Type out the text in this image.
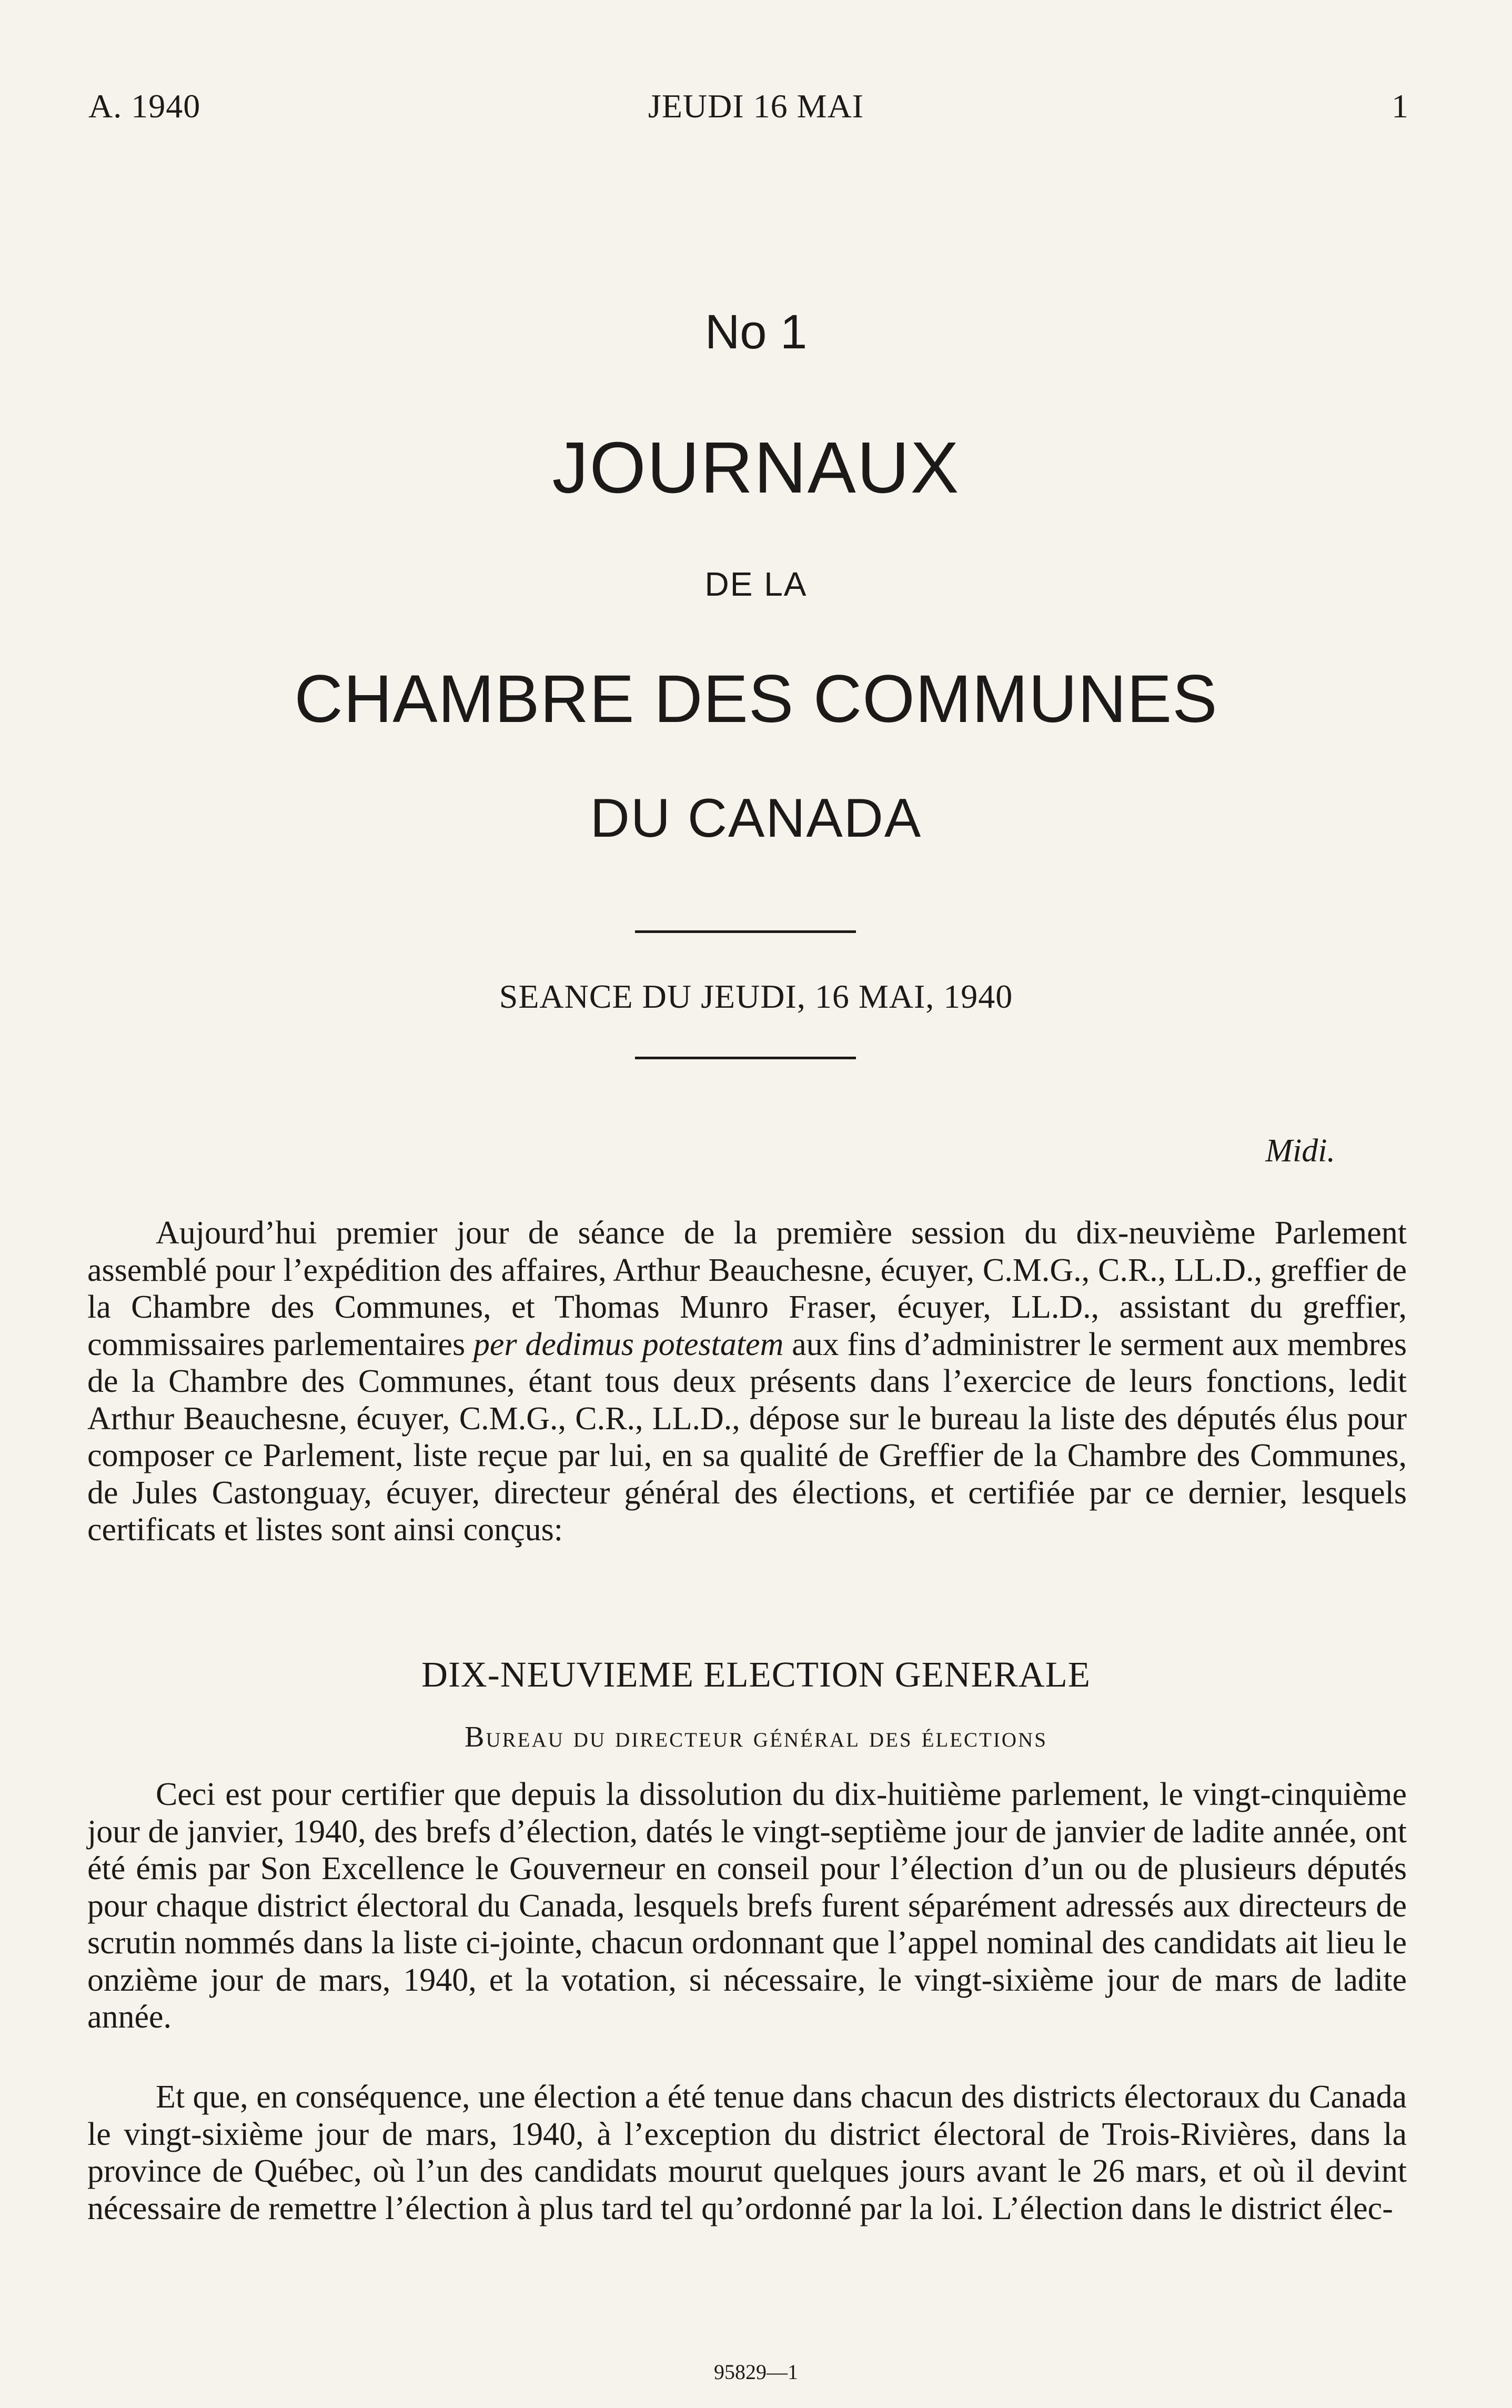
A. 1940	JEUDI 16 MAI	1
No 1
JOURNAUX
DE LA
CHAMBRE DES COMMUNES
DU CANADA
SEANCE DU JEUDI, 16 MAI, 1940
Midi.

Aujourd’hui premier jour de séance de la première session du dix-neuvième Parlement assemblé pour l’expédition des affaires, Arthur Beauchesne, écuyer, C.M.G., C.R., LL.D., greffier de la Chambre des Communes, et Thomas Munro Fraser, écuyer, LL.D., assistant du greffier, commissaires parlementaires per dedimus potestatem aux fins d’administrer le serment aux membres de la Chambre des Communes, étant tous deux présents dans l’exercice de leurs fonctions, ledit Arthur Beauchesne, écuyer, C.M.G., C.R., LL.D., dépose sur le bureau la liste des députés élus pour composer ce Parlement, liste reçue par lui, en sa qualité de Greffier de la Chambre des Communes, de Jules Castonguay, écuyer, directeur général des élections, et certifiée par ce dernier, lesquels certificats et listes sont ainsi conçus:

DIX-NEUVIEME ELECTION GENERALE
Bureau du directeur général des élections

Ceci est pour certifier que depuis la dissolution du dix-huitième parlement, le vingt-cinquième jour de janvier, 1940, des brefs d’élection, datés le vingt-septième jour de janvier de ladite année, ont été émis par Son Excellence le Gouverneur en conseil pour l’élection d’un ou de plusieurs députés pour chaque district électoral du Canada, lesquels brefs furent séparément adressés aux directeurs de scrutin nommés dans la liste ci-jointe, chacun ordonnant que l’appel nominal des candidats ait lieu le onzième jour de mars, 1940, et la votation, si nécessaire, le vingt-sixième jour de mars de ladite année.

Et que, en conséquence, une élection a été tenue dans chacun des districts électoraux du Canada le vingt-sixième jour de mars, 1940, à l’exception du district électoral de Trois-Rivières, dans la province de Québec, où l’un des candidats mourut quelques jours avant le 26 mars, et où il devint nécessaire de remettre l’élection à plus tard tel qu’ordonné par la loi. L’élection dans le district élec-

95829—1
